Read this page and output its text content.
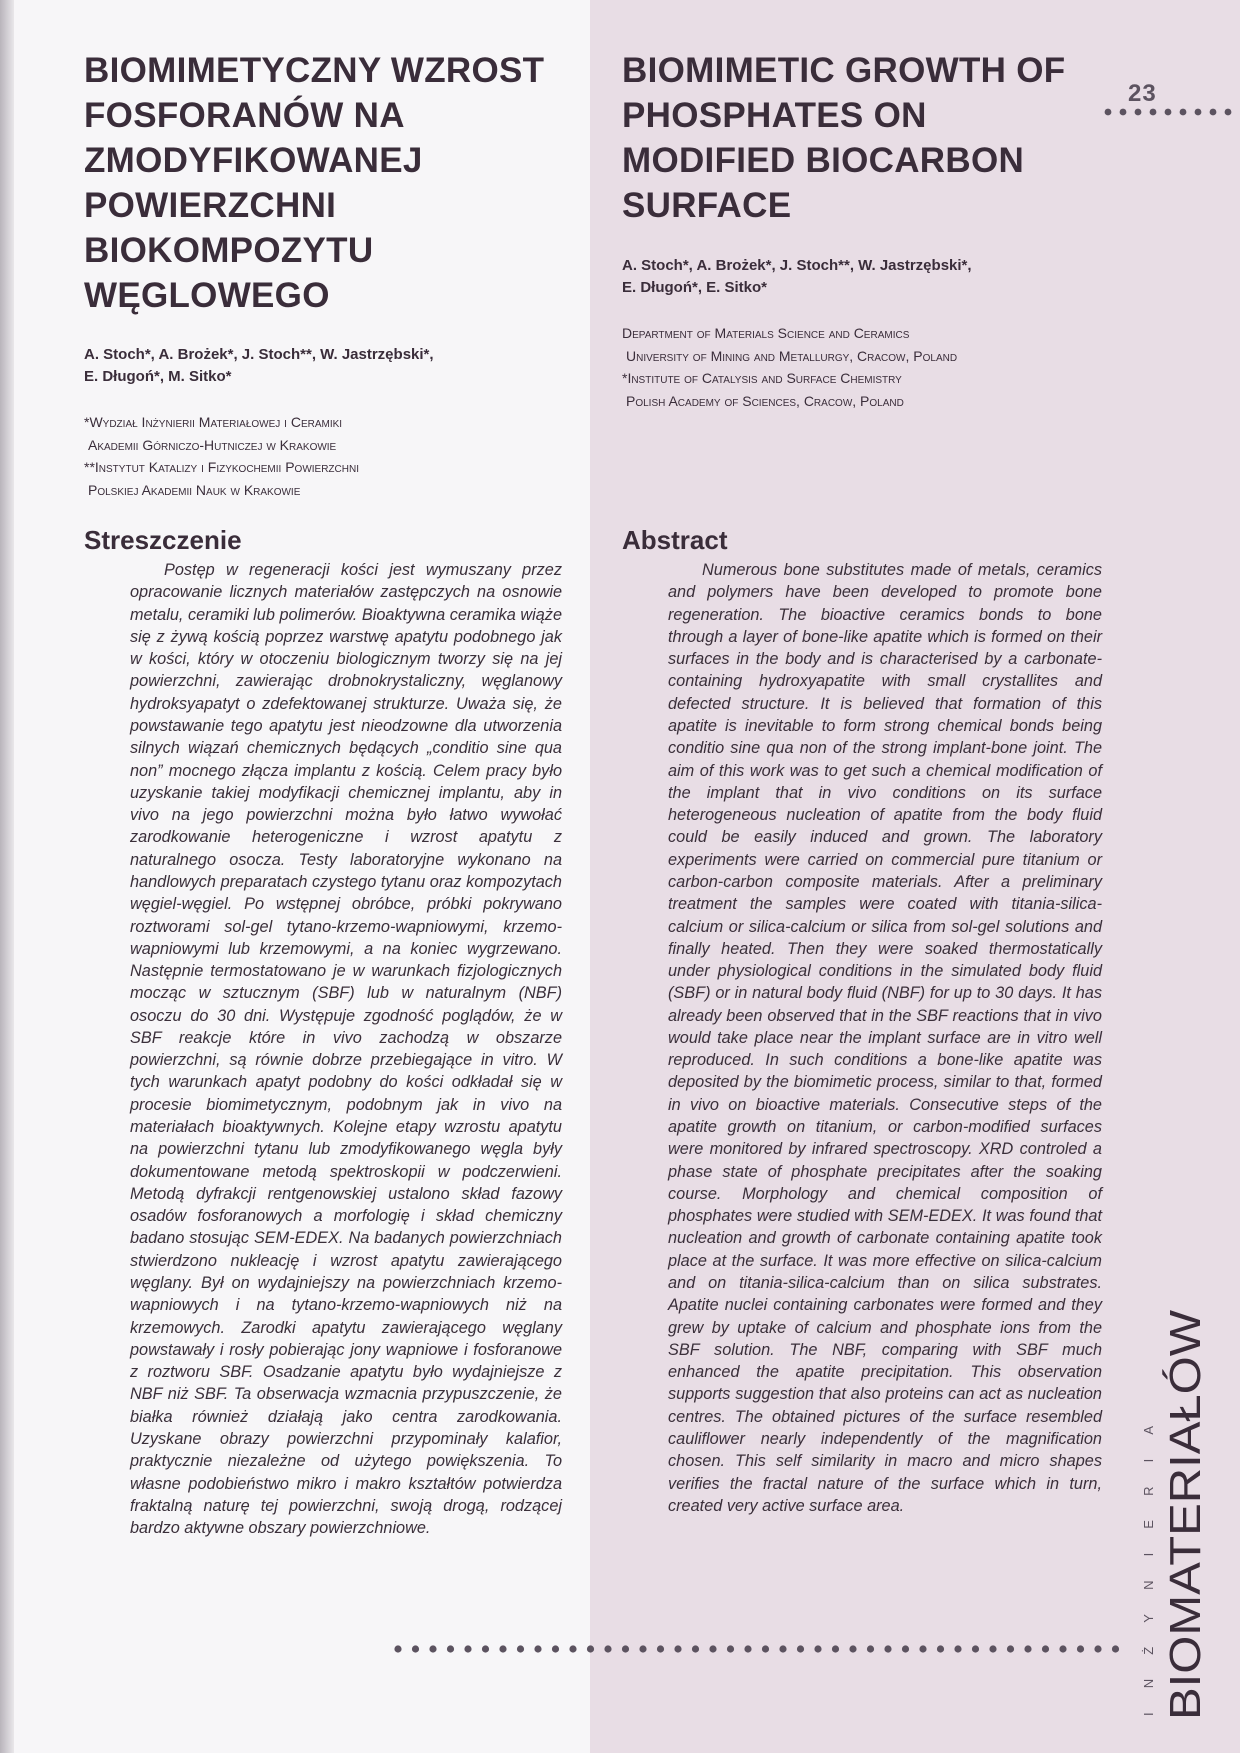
BIOMIMETYCZNY WZROST FOSFORANÓW NA ZMODYFIKOWANEJ POWIERZCHNI BIOKOMPOZYTU WĘGLOWEGO
A. Stoch*, A. Brożek*, J. Stoch**, W. Jastrzębski*,
E. Długoń*, M. Sitko*
*Wydział Inżynierii Materiałowej i Ceramiki
Akademii Górniczo-Hutniczej w Krakowie
**Instytut Katalizy i Fizykochemii Powierzchni
Polskiej Akademii Nauk w Krakowie
Streszczenie

Postęp w regeneracji kości jest wymuszany przez opracowanie licznych materiałów zastępczych na osnowie metalu, ceramiki lub polimerów. Bioaktywna ceramika wiąże się z żywą kością poprzez warstwę apatytu podobnego jak w kości, który w otoczeniu biologicznym tworzy się na jej powierzchni, zawierając drobnokrystaliczny, węglanowy hydroksyapatyt o zdefektowanej strukturze. Uważa się, że powstawanie tego apatytu jest nieodzowne dla utworzenia silnych wiązań chemicznych będących „conditio sine qua non” mocnego złącza implantu z kością. Celem pracy było uzyskanie takiej modyfikacji chemicznej implantu, aby in vivo na jego powierzchni można było łatwo wywołać zarodkowanie heterogeniczne i wzrost apatytu z naturalnego osocza. Testy laboratoryjne wykonano na handlowych preparatach czystego tytanu oraz kompozytach węgiel-węgiel. Po wstępnej obróbce, próbki pokrywano roztworami sol-gel tytano-krzemo-wapniowymi, krzemo-wapniowymi lub krzemowymi, a na koniec wygrzewano. Następnie termostatowano je w warunkach fizjologicznych mocząc w sztucznym (SBF) lub w naturalnym (NBF) osoczu do 30 dni. Występuje zgodność poglądów, że w SBF reakcje które in vivo zachodzą w obszarze powierzchni, są równie dobrze przebiegające in vitro. W tych warunkach apatyt podobny do kości odkładał się w procesie biomimetycznym, podobnym jak in vivo na materiałach bioaktywnych. Kolejne etapy wzrostu apatytu na powierzchni tytanu lub zmodyfikowanego węgla były dokumentowane metodą spektroskopii w podczerwieni. Metodą dyfrakcji rentgenowskiej ustalono skład fazowy osadów fosforanowych a morfologię i skład chemiczny badano stosując SEM-EDEX. Na badanych powierzchniach stwierdzono nukleację i wzrost apatytu zawierającego węglany. Był on wydajniejszy na powierzchniach krzemo-wapniowych i na tytano-krzemo-wapniowych niż na krzemowych. Zarodki apatytu zawierającego węglany powstawały i rosły pobierając jony wapniowe i fosforanowe z roztworu SBF. Osadzanie apatytu było wydajniejsze z NBF niż SBF. Ta obserwacja wzmacnia przypuszczenie, że białka również działają jako centra zarodkowania. Uzyskane obrazy powierzchni przypominały kalafior, praktycznie niezależne od użytego powiększenia. To własne podobieństwo mikro i makro kształtów potwierdza fraktalną naturę tej powierzchni, swoją drogą, rodzącej bardzo aktywne obszary powierzchniowe.

BIOMIMETIC GROWTH OF PHOSPHATES ON MODIFIED BIOCARBON SURFACE
A. Stoch*, A. Brożek*, J. Stoch**, W. Jastrzębski*,
E. Długoń*, E. Sitko*
Department of Materials Science and Ceramics
University of Mining and Metallurgy, Cracow, Poland
*Institute of Catalysis and Surface Chemistry
Polish Academy of Sciences, Cracow, Poland
Abstract

Numerous bone substitutes made of metals, ceramics and polymers have been developed to promote bone regeneration. The bioactive ceramics bonds to bone through a layer of bone-like apatite which is formed on their surfaces in the body and is characterised by a carbonate-containing hydroxyapatite with small crystallites and defected structure. It is believed that formation of this apatite is inevitable to form strong chemical bonds being conditio sine qua non of the strong implant-bone joint. The aim of this work was to get such a chemical modification of the implant that in vivo conditions on its surface heterogeneous nucleation of apatite from the body fluid could be easily induced and grown. The laboratory experiments were carried on commercial pure titanium or carbon-carbon composite materials. After a preliminary treatment the samples were coated with titania-silica-calcium or silica-calcium or silica from sol-gel solutions and finally heated. Then they were soaked thermostatically under physiological conditions in the simulated body fluid (SBF) or in natural body fluid (NBF) for up to 30 days. It has already been observed that in the SBF reactions that in vivo would take place near the implant surface are in vitro well reproduced. In such conditions a bone-like apatite was deposited by the biomimetic process, similar to that, formed in vivo on bioactive materials. Consecutive steps of the apatite growth on titanium, or carbon-modified surfaces were monitored by infrared spectroscopy. XRD controled a phase state of phosphate precipitates after the soaking course. Morphology and chemical composition of phosphates were studied with SEM-EDEX. It was found that nucleation and growth of carbonate containing apatite took place at the surface. It was more effective on silica-calcium and on titania-silica-calcium than on silica substrates. Apatite nuclei containing carbonates were formed and they grew by uptake of calcium and phosphate ions from the SBF solution. The NBF, comparing with SBF much enhanced the apatite precipitation. This observation supports suggestion that also proteins can act as nucleation centres. The obtained pictures of the surface resembled cauliflower nearly independently of the magnification chosen. This self similarity in macro and micro shapes verifies the fractal nature of the surface which in turn, created very active surface area.

23
BIOMATERIAŁÓW
INŻYNIERIA
